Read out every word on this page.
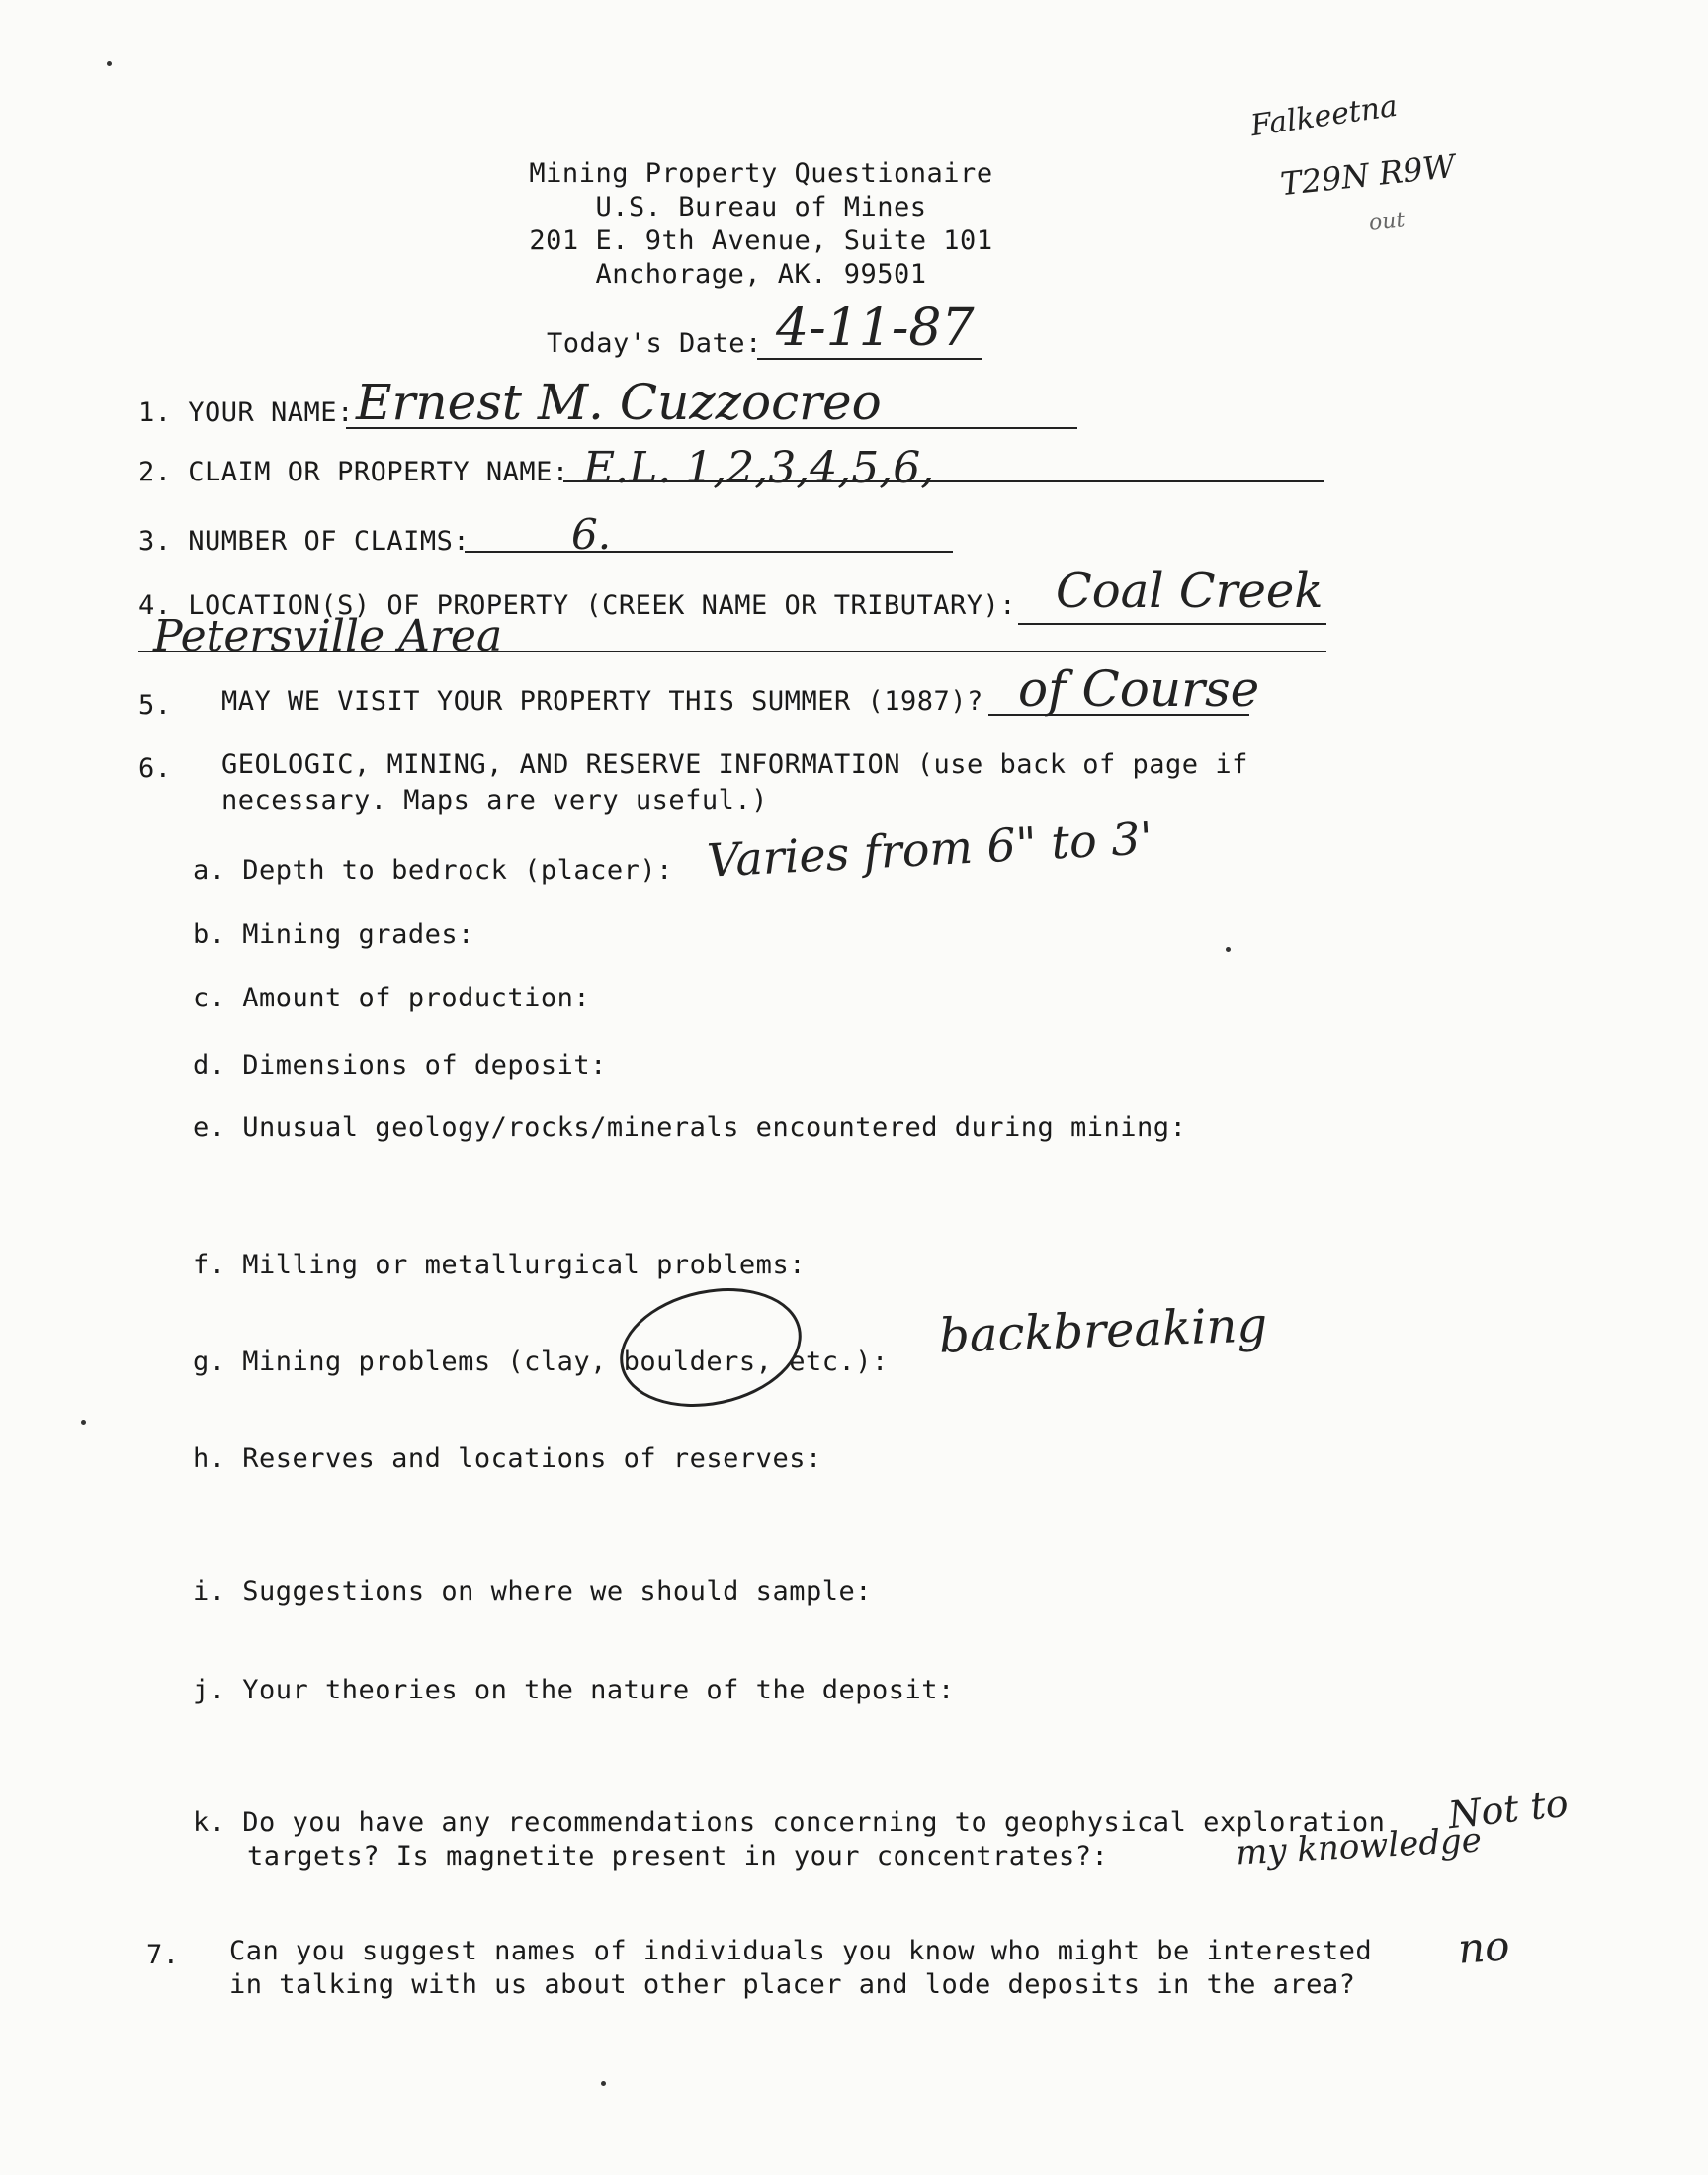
Falkeetna
T29N R9W
out
Mining Property Questionaire
U.S. Bureau of Mines
201 E. 9th Avenue, Suite 101
Anchorage, AK. 99501
Today's Date: 4-11-87
1. YOUR NAME: Ernest M. Cuzzocreo
2. CLAIM OR PROPERTY NAME: E.L. 1,2,3,4,5,6,
3. NUMBER OF CLAIMS: 6.
4. LOCATION(S) OF PROPERTY (CREEK NAME OR TRIBUTARY): Coal Creek
Petersville Area
5. MAY WE VISIT YOUR PROPERTY THIS SUMMER (1987)? of Course
6. GEOLOGIC, MINING, AND RESERVE INFORMATION (use back of page if
necessary. Maps are very useful.)
a. Depth to bedrock (placer): Varies from 6" to 3'
b. Mining grades:
c. Amount of production:
d. Dimensions of deposit:
e. Unusual geology/rocks/minerals encountered during mining:
f. Milling or metallurgical problems:
g. Mining problems (clay, boulders, etc.): backbreaking
h. Reserves and locations of reserves:
i. Suggestions on where we should sample:
j. Your theories on the nature of the deposit:
k. Do you have any recommendations concerning to geophysical exploration
targets? Is magnetite present in your concentrates?:
Not to
my knowledge
7. Can you suggest names of individuals you know who might be interested
in talking with us about other placer and lode deposits in the area?
no
